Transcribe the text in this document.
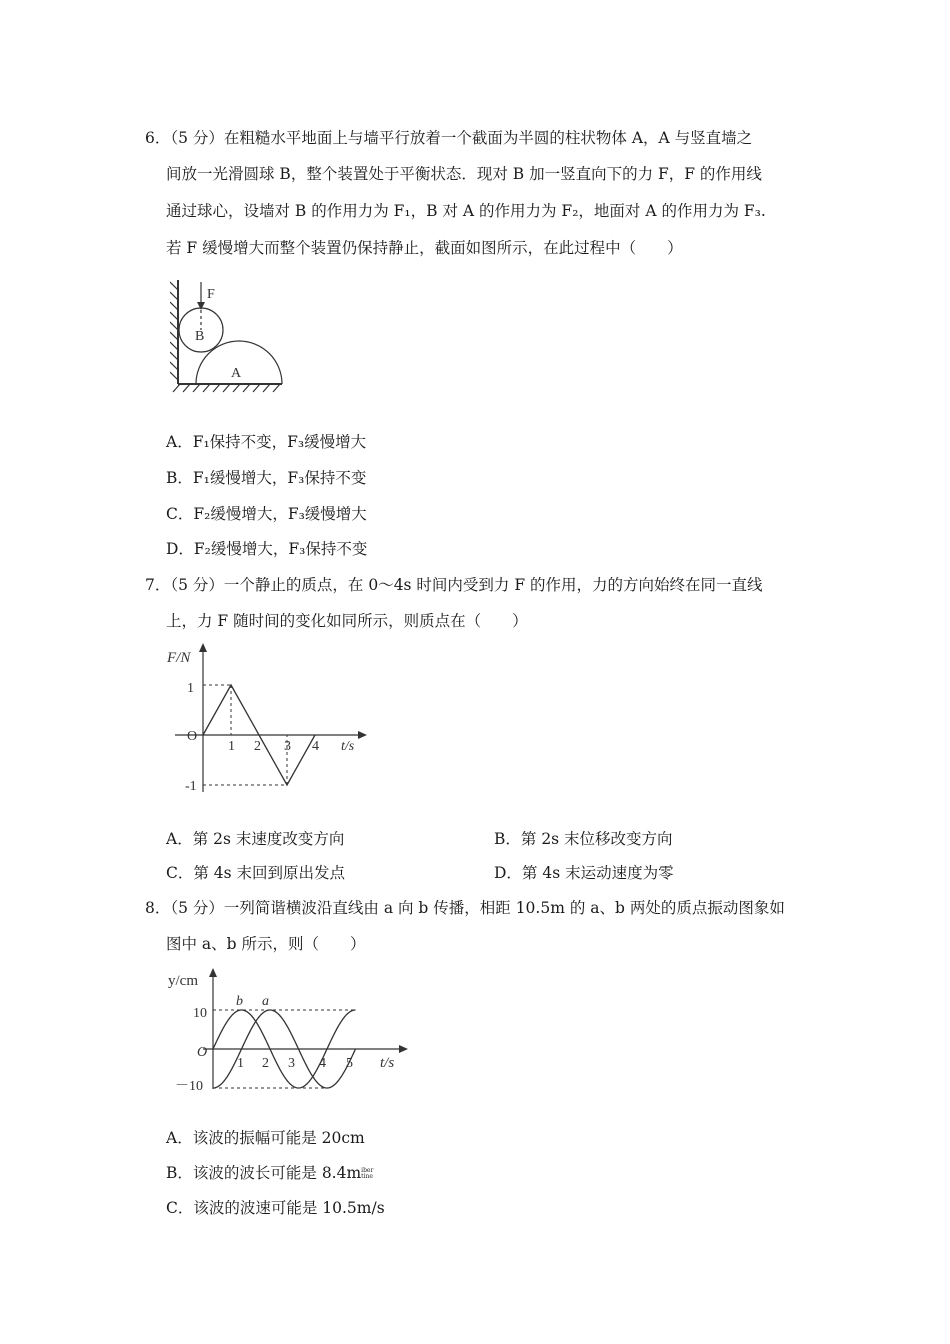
6．（5 分）在粗糙水平地面上与墙平行放着一个截面为半圆的柱状物体 A，A 与竖直墙之
间放一光滑圆球 B，整个装置处于平衡状态．现对 B 加一竖直向下的力 F，F 的作用线
通过球心，设墙对 B 的作用力为 F₁，B 对 A 的作用力为 F₂，地面对 A 的作用力为 F₃.
若 F 缓慢增大而整个装置仍保持静止，截面如图所示，在此过程中（　　）
F
B
A
A．F₁保持不变，F₃缓慢增大
B．F₁缓慢增大，F₃保持不变
C．F₂缓慢增大，F₃缓慢增大
D．F₂缓慢增大，F₃保持不变
7．（5 分）一个静止的质点，在 0～4s 时间内受到力 F 的作用，力的方向始终在同一直线
上，力 F 随时间的变化如同所示，则质点在（　　）
F/N
1
O
-1
1 2 3 4 t/s
A．第 2s 末速度改变方向	B．第 2s 末位移改变方向
C．第 4s 末回到原出发点	D．第 4s 末运动速度为零
8．（5 分）一列简谐横波沿直线由 a 向 b 传播，相距 10.5m 的 a、b 两处的质点振动图象如
图中 a、b 所示，则（　　）
y/cm
b a
10
O
－10
1 2 3 4 5 t/s
A．该波的振幅可能是 20cm
B．该波的波长可能是 8.4m iber
tine
C．该波的波速可能是 10.5m/s
